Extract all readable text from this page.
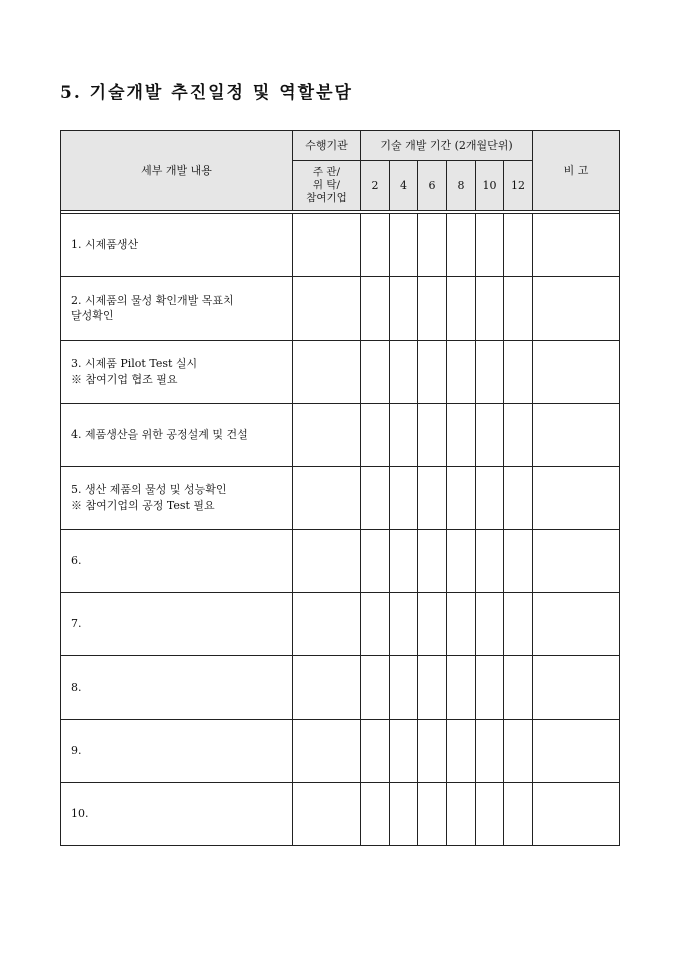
5. 기술개발 추진일정 및 역할분담
세부 개발 내용	수행기관	기술 개발 기간 (2개월단위)						비 고
	주 관/
위 탁/
참여기업	2	4	6	8	10	12	

1. 시제품생산								
2. 시제품의 물성 확인개발 목표치
달성확인								
3. 시제품 Pilot Test 실시
※ 참여기업 협조 필요								
4. 제품생산을 위한 공정설계 및 건설								
5. 생산 제품의 물성 및 성능확인
※ 참여기업의 공정 Test 필요								
6.								
7.								
8.								
9.								
10.								
